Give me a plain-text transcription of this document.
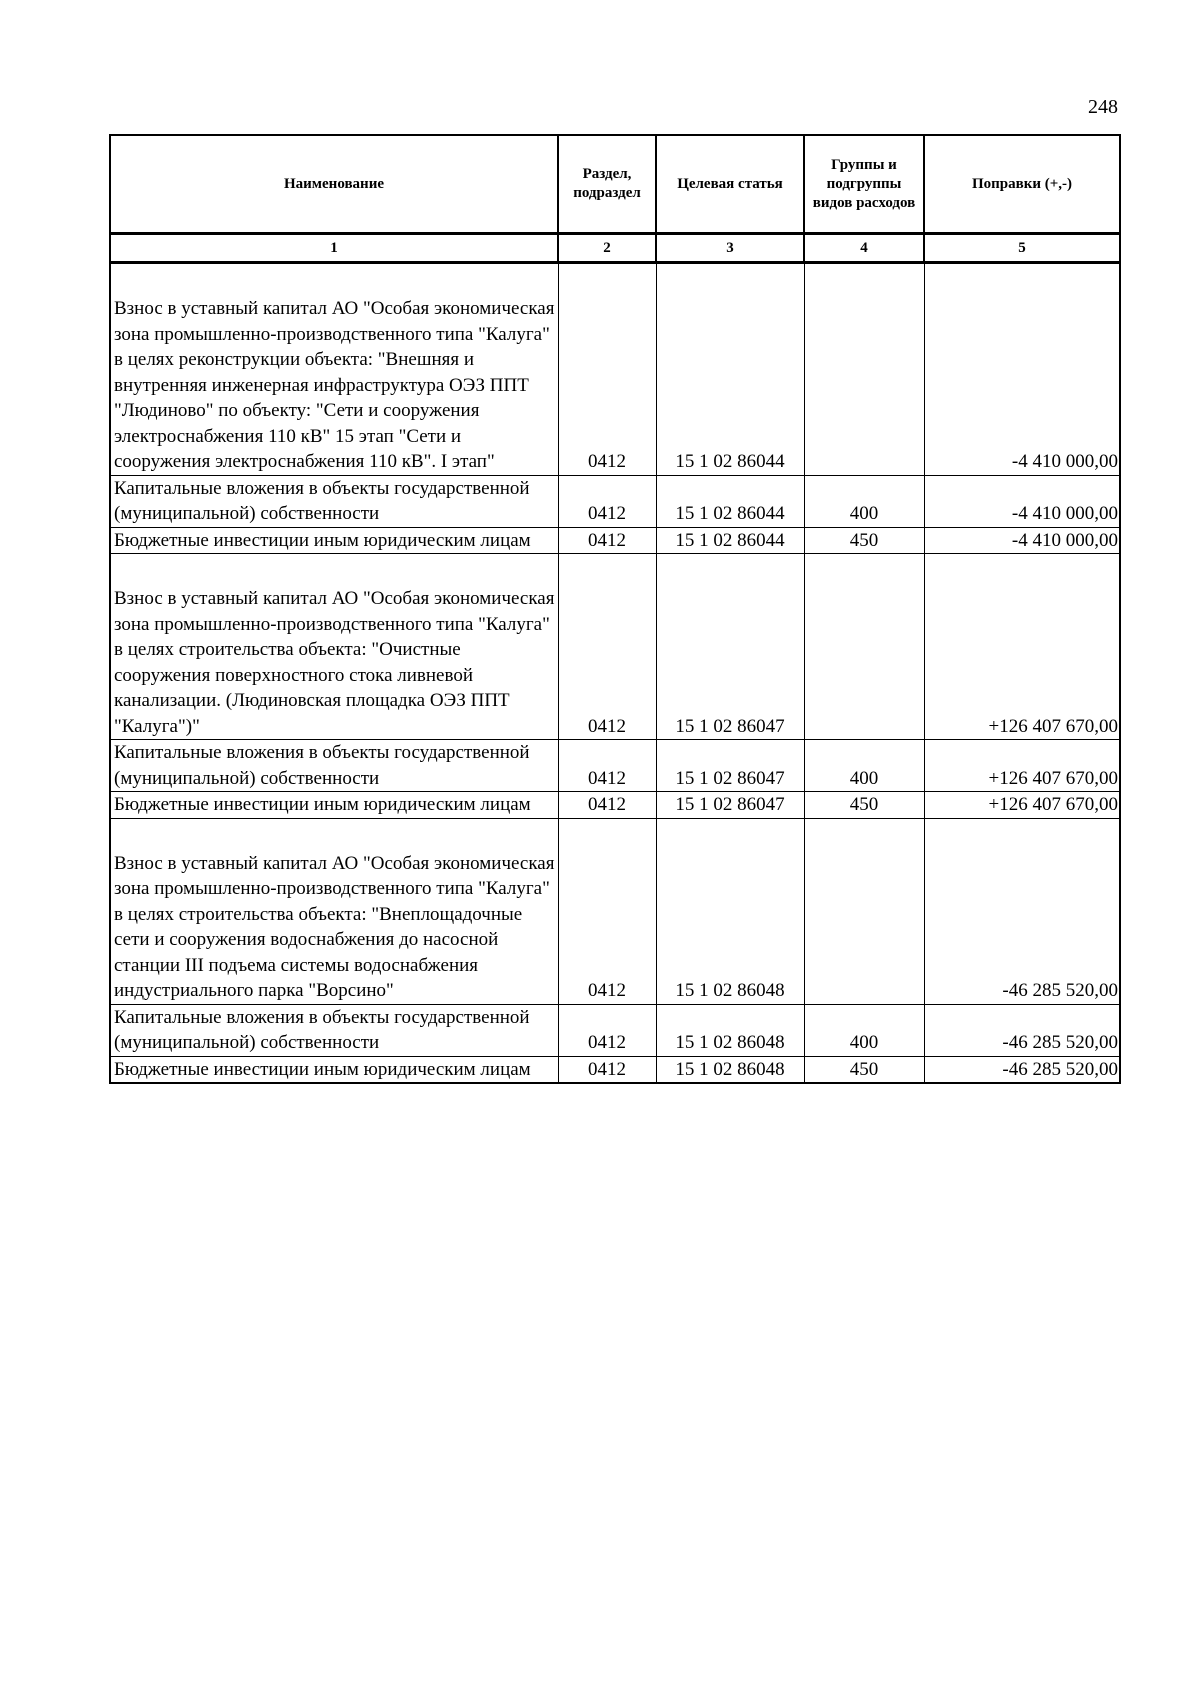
248
Наименование	Раздел, подраздел	Целевая статья	Группы и подгруппы видов расходов	Поправки (+,-)
1	2	3	4	5
Взнос в уставный капитал АО "Особая экономическая зона промышленно-производственного типа "Калуга" в целях реконструкции объекта: "Внешняя и внутренняя инженерная инфраструктура ОЭЗ ППТ "Людиново" по объекту: "Сети и сооружения электроснабжения 110 кВ" 15 этап "Сети и сооружения электроснабжения 110 кВ". I этап"	0412	15 1 02 86044		-4 410 000,00
Капитальные вложения в объекты государственной (муниципальной) собственности	0412	15 1 02 86044	400	-4 410 000,00
Бюджетные инвестиции иным юридическим лицам	0412	15 1 02 86044	450	-4 410 000,00
Взнос в уставный капитал АО "Особая экономическая зона промышленно-производственного типа "Калуга" в целях строительства объекта: "Очистные сооружения поверхностного стока ливневой канализации. (Людиновская площадка ОЭЗ ППТ "Калуга")"	0412	15 1 02 86047		+126 407 670,00
Капитальные вложения в объекты государственной (муниципальной) собственности	0412	15 1 02 86047	400	+126 407 670,00
Бюджетные инвестиции иным юридическим лицам	0412	15 1 02 86047	450	+126 407 670,00
Взнос в уставный капитал АО "Особая экономическая зона промышленно-производственного типа "Калуга" в целях строительства объекта: "Внеплощадочные сети и сооружения водоснабжения до насосной станции III подъема системы водоснабжения индустриального парка "Ворсино"	0412	15 1 02 86048		-46 285 520,00
Капитальные вложения в объекты государственной (муниципальной) собственности	0412	15 1 02 86048	400	-46 285 520,00
Бюджетные инвестиции иным юридическим лицам	0412	15 1 02 86048	450	-46 285 520,00
